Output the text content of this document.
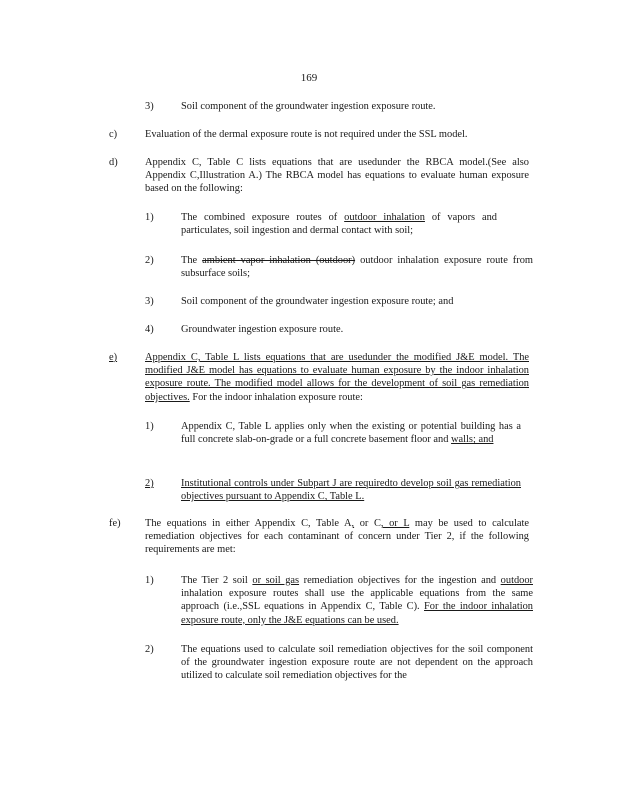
169
3)	Soil component of the groundwater ingestion exposure route.
c)	Evaluation of the dermal exposure route is not required under the SSL model.
d)	Appendix C, Table C lists equations that are usedunder the RBCA model.(See also Appendix C,Illustration A.) The RBCA model has equations to evaluate human exposure based on the following:
1)	The combined exposure routes of outdoor inhalation of vapors and particulates, soil ingestion and dermal contact with soil;
2)	The ambient vapor inhalation (outdoor) outdoor inhalation exposure route from subsurface soils;
3)	Soil component of the groundwater ingestion exposure route; and
4)	Groundwater ingestion exposure route.
e)	Appendix C, Table L lists equations that are usedunder the modified J&E model. The modified J&E model has equations to evaluate human exposure by the indoor inhalation exposure route. The modified model allows for the development of soil gas remediation objectives. For the indoor inhalation exposure route:
1)	Appendix C, Table L applies only when the existing or potential building has a full concrete slab-on-grade or a full concrete basement floor and walls; and
2)	Institutional controls under Subpart J are requiredto develop soil gas remediation objectives pursuant to Appendix C, Table L.
fe) The equations in either Appendix C, Table A, or C, or L may be used to calculate remediation objectives for each contaminant of concern under Tier 2, if the following requirements are met:
1)	The Tier 2 soil or soil gas remediation objectives for the ingestion and outdoor inhalation exposure routes shall use the applicable equations from the same approach (i.e.,SSL equations in Appendix C, Table C). For the indoor inhalation exposure route, only the J&E equations can be used.
2)	The equations used to calculate soil remediation objectives for the soil component of the groundwater ingestion exposure route are not dependent on the approach utilized to calculate soil remediation objectives for the
